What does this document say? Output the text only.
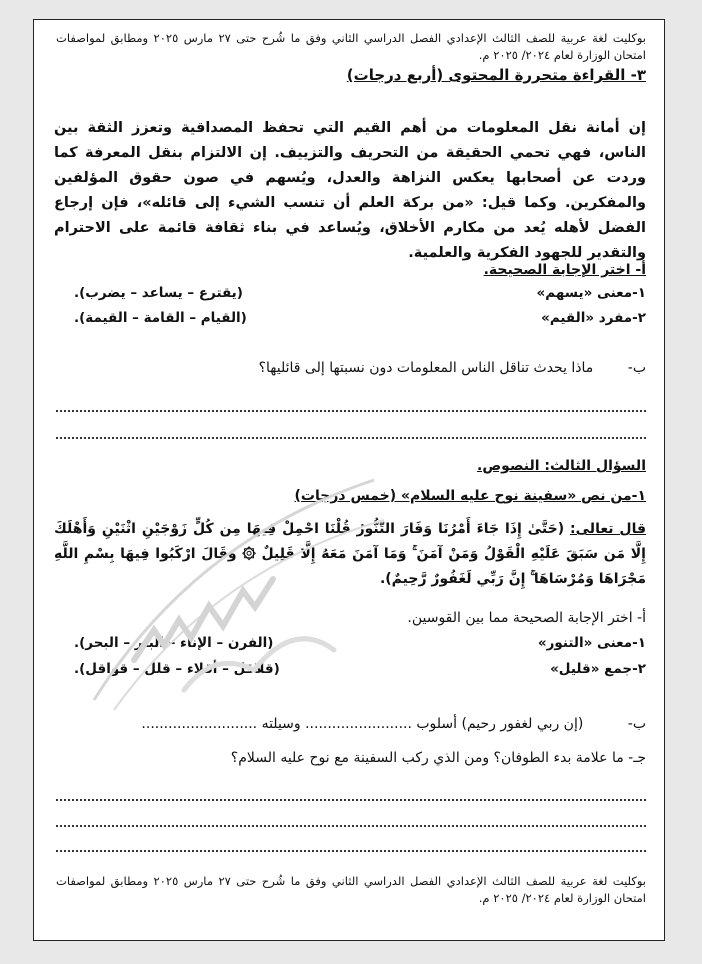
بوكليت لغة عربية للصف الثالث الإعدادي الفصل الدراسي الثاني وفق ما شُرح حتى ٢٧ مارس ٢٠٢٥ ومطابق لمواصفات امتحان الوزارة لعام ٢٠٢٤/ ٢٠٢٥ م.
٣- القراءة متحررة المحتوى (أربع درجات)
إن أمانة نقل المعلومات من أهم القيم التي تحفظ المصداقية وتعزز الثقة بين الناس، فهي تحمي الحقيقة من التحريف والتزييف. إن الالتزام بنقل المعرفة كما وردت عن أصحابها يعكس النزاهة والعدل، ويُسهم في صون حقوق المؤلفين والمفكرين. وكما قيل: «من بركة العلم أن تنسب الشيء إلى قائله»، فإن إرجاع الفضل لأهله يُعد من مكارم الأخلاق، ويُساعد في بناء ثقافة قائمة على الاحترام والتقدير للجهود الفكرية والعلمية.
أ- اختر الإجابة الصحيحة.
١-معنى «يسهم»
(يقترع – يساعد – يضرب).
٢-مفرد «القيم»
(القيام – القامة – القيمة).
ب- ماذا يحدث تناقل الناس المعلومات دون نسبتها إلى قائليها؟
السؤال الثالث: النصوص.
١-من نص «سفينة نوح عليه السلام» (خمس درجات)
قال تعالى: (حَتَّىٰ إِذَا جَاءَ أَمْرُنَا وَفَارَ التَّنُّورُ قُلْنَا احْمِلْ فِيهَا مِن كُلٍّ زَوْجَيْنِ اثْنَيْنِ وَأَهْلَكَ إِلَّا مَن سَبَقَ عَلَيْهِ الْقَوْلُ وَمَنْ آمَنَ ۚ وَمَا آمَنَ مَعَهُ إِلَّا قَلِيلٌ ۞ وَقَالَ ارْكَبُوا فِيهَا بِسْمِ اللَّهِ مَجْرَاهَا وَمُرْسَاهَا ۚ إِنَّ رَبِّي لَغَفُورٌ رَّحِيمٌ).
أ- اختر الإجابة الصحيحة مما بين القوسين.
١-معنى «التنور»
(الفرن – الإناء – البئر – البحر).
٢-جمع «قليل»
(قلاقل – أقلاء – قلل – قواقل).
ب- (إن ربي لغفور رحيم) أسلوب ........................ وسيلته ..........................
جـ- ما علامة بدء الطوفان؟ ومن الذي ركب السفينة مع نوح عليه السلام؟
بوكليت لغة عربية للصف الثالث الإعدادي الفصل الدراسي الثاني وفق ما شُرح حتى ٢٧ مارس ٢٠٢٥ ومطابق لمواصفات امتحان الوزارة لعام ٢٠٢٤/ ٢٠٢٥ م.
